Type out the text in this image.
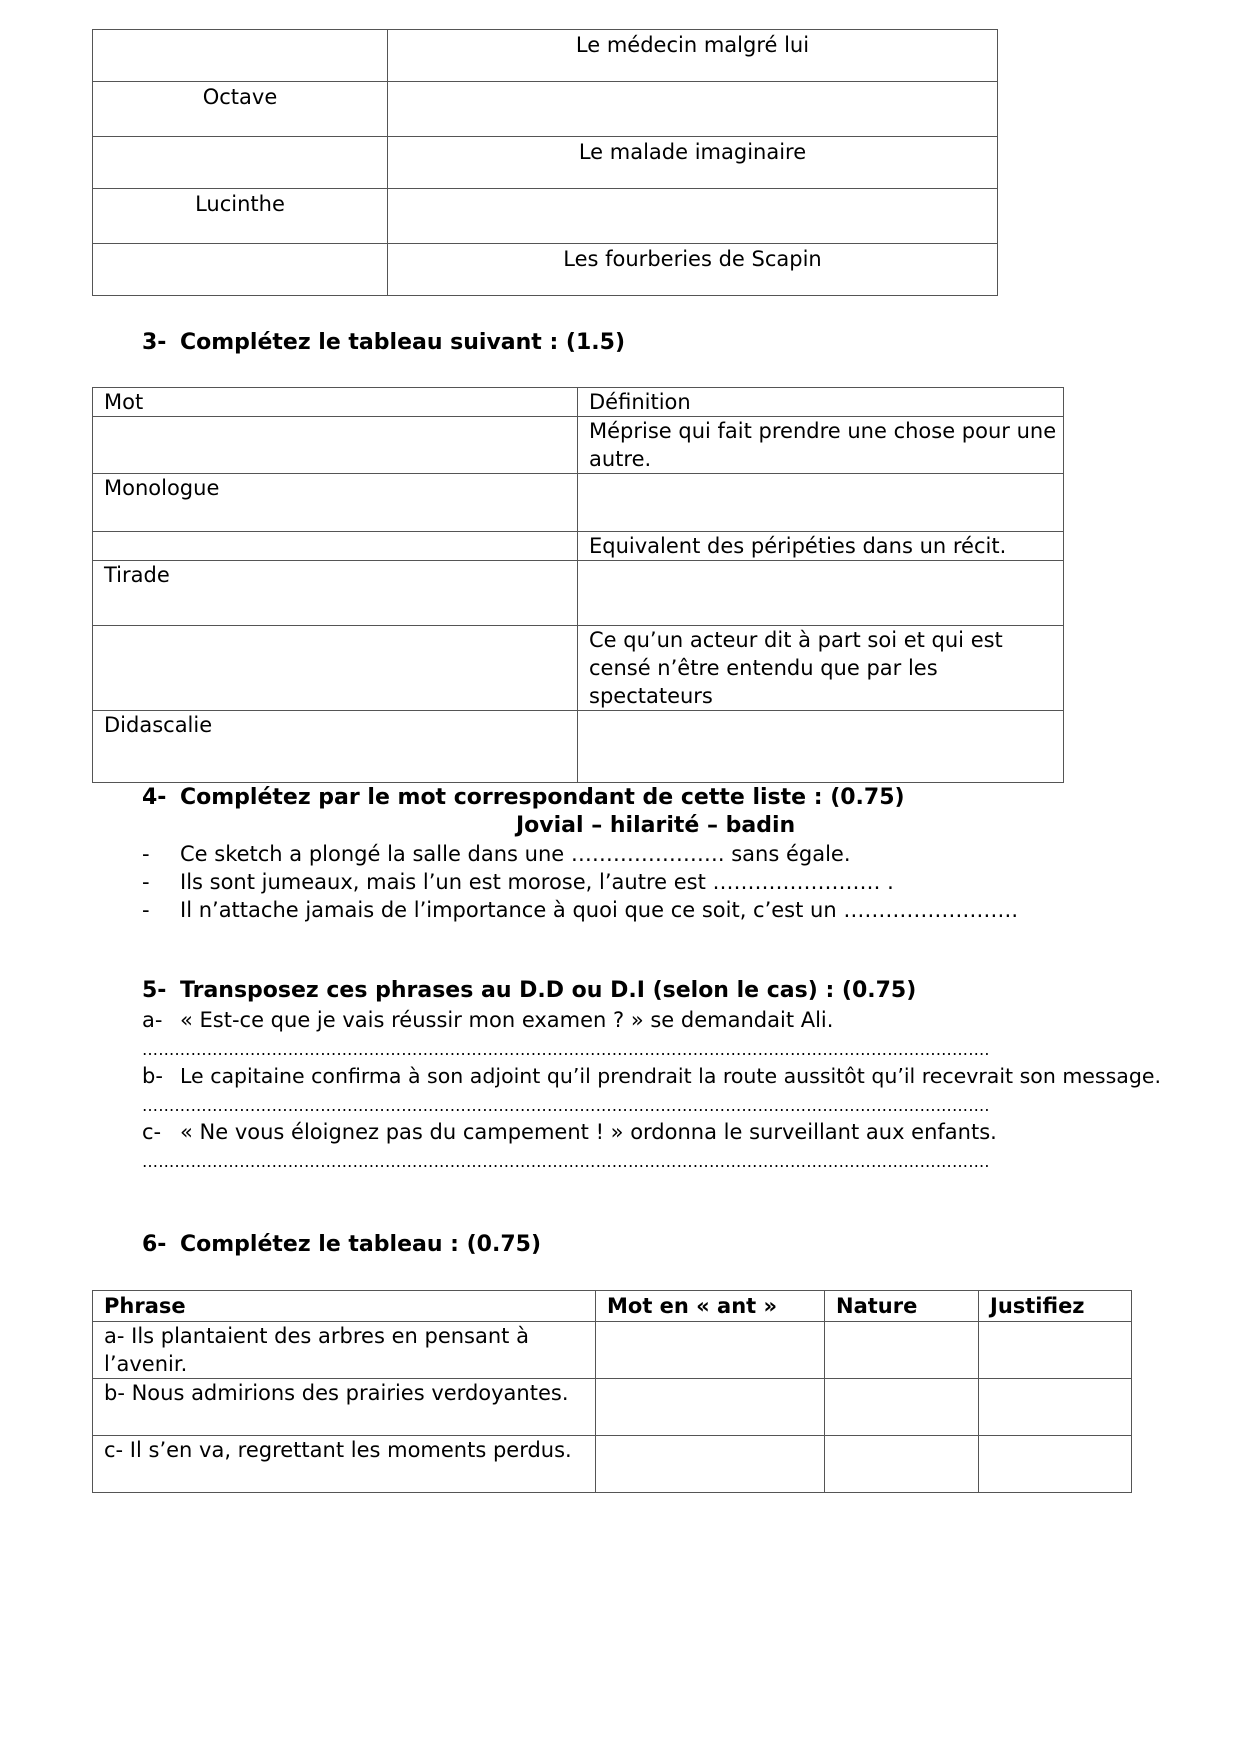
	Le médecin malgré lui
Octave	
	Le malade imaginaire
Lucinthe	
	Les fourberies de Scapin
3- Complétez le tableau suivant : (1.5)
Mot	Définition
	Méprise qui fait prendre une chose pour une autre.
Monologue	
	Equivalent des péripéties dans un récit.
Tirade	
	Ce qu’un acteur dit à part soi et qui est censé n’être entendu que par les spectateurs
Didascalie	
4- Complétez par le mot correspondant de cette liste : (0.75)
Jovial – hilarité – badin
- Ce sketch a plongé la salle dans une …………………. sans égale.
- Ils sont jumeaux, mais l’un est morose, l’autre est …………………… .
- Il n’attache jamais de l’importance à quoi que ce soit, c’est un …………………….
5- Transposez ces phrases au D.D ou D.I (selon le cas) : (0.75)
a- « Est-ce que je vais réussir mon examen ? » se demandait Ali.
………………………………………………………………………………………………………………………………………….
b- Le capitaine confirma à son adjoint qu’il prendrait la route aussitôt qu’il recevrait son message.
………………………………………………………………………………………………………………………………………….
c- « Ne vous éloignez pas du campement ! » ordonna le surveillant aux enfants.
………………………………………………………………………………………………………………………………………….
6- Complétez le tableau : (0.75)
Phrase	Mot en « ant »	Nature	Justifiez
a- Ils plantaient des arbres en pensant à l’avenir.			
b- Nous admirions des prairies verdoyantes.			
c- Il s’en va, regrettant les moments perdus.			
